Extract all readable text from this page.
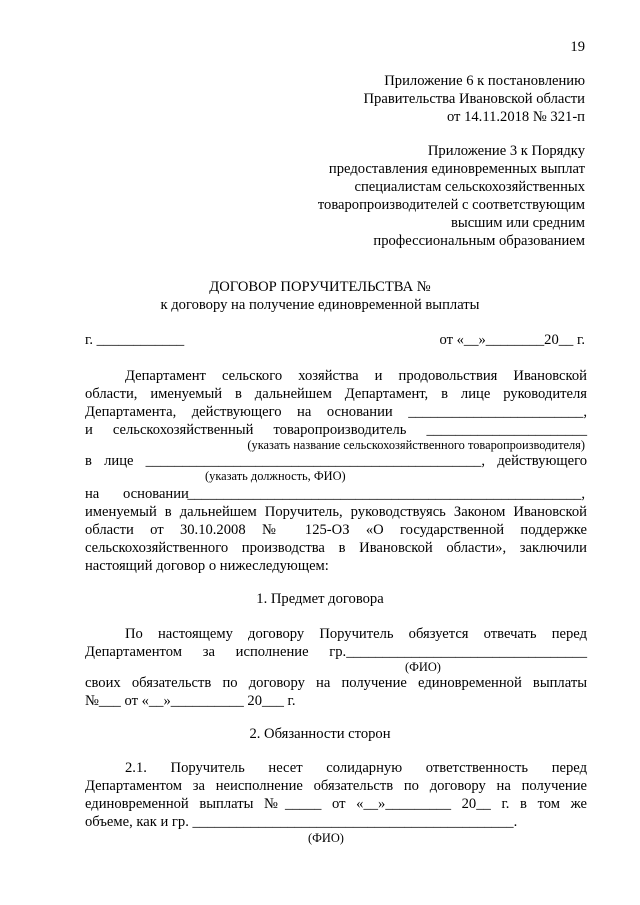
19
Приложение 6 к постановлению
Правительства Ивановской области
от 14.11.2018 № 321-п
Приложение 3 к Порядку
предоставления единовременных выплат
специалистам сельскохозяйственных
товаропроизводителей с соответствующим
высшим или средним
профессиональным образованием
ДОГОВОР ПОРУЧИТЕЛЬСТВА №
к договору на получение единовременной выплаты
г. ____________	от «__»________20__ г.
Департамент сельского хозяйства и продовольствия Ивановской
области, именуемый в дальнейшем Департамент, в лице руководителя
Департамента, действующего на основании ________________________,
и сельскохозяйственный товаропроизводитель ______________________
(указать название сельскохозяйственного товаропроизводителя)
в лице ______________________________________________, действующего
(указать должность, ФИО)
на основании
______________________________________________________,
именуемый в дальнейшем Поручитель, руководствуясь Законом Ивановской
области от 30.10.2008 № 125-ОЗ «О государственной поддержке
сельскохозяйственного производства в Ивановской области», заключили
настоящий договор о нижеследующем:
1. Предмет договора
По настоящему договору Поручитель обязуется отвечать перед
Департаментом за исполнение гр._________________________________
(ФИО)
своих обязательств по договору на получение единовременной выплаты
№___ от «__»__________ 20___ г.
2. Обязанности сторон
2.1. Поручитель несет солидарную ответственность перед
Департаментом за неисполнение обязательств по договору на получение
единовременной выплаты №_____ от «__»_________ 20__ г. в том же
объеме, как и гр. ____________________________________________.
(ФИО)
